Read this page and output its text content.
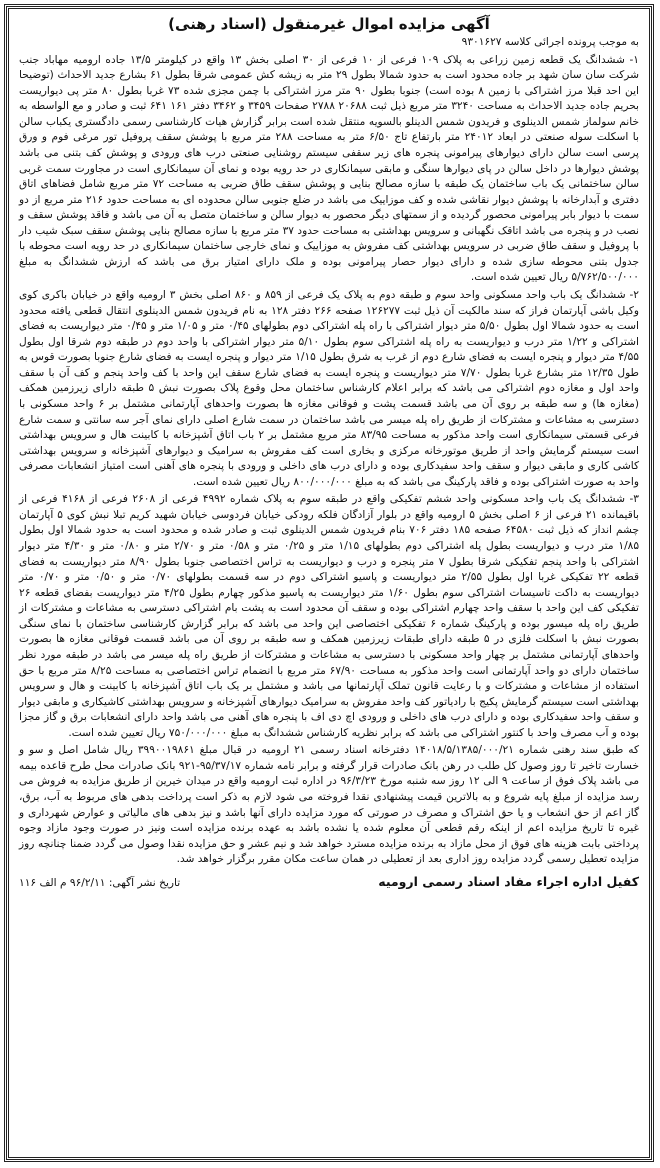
آگهی مزایده اموال غیرمنقول (اسناد رهنی)

به موجب پرونده اجرائی کلاسه ۹۳۰۱۶۲۷

۱- ششدانگ یک قطعه زمین زراعی به پلاک ۱۰۹ فرعی از ۱۰ فرعی از ۳۰ اصلی بخش ۱۳ واقع در کیلومتر ۱۳/۵ جاده ارومیه مهاباد جنب شرکت سان سان شهد بر جاده محدود است به حدود شمالا بطول ۲۹ متر به زیشه کش عمومی شرقا بطول ۶۱ بشارع جدید الاحداث (توضیحا این احد قبلا مرز اشتراکی با زمین ۸ بوده است) جنوبا بطول ۹۰ متر مرز اشتراکی با چمن مجزی شده ۷۳ غربا بطول ۸۰ متر پی دیواریست بحریم جاده جدید الاحداث به مساحت ۳۲۴۰ متر مربع ذیل ثبت ۲۰۶۸۸ ۲۷۸۸ صفحات ۳۴۵۹ و ۳۴۶۲ دفتر ۱۶۱ ۶۴۱ ثبت و صادر و مع الواسطه به خانم سولماز شمس الدینلوی و فریدون شمس الدینلو بالسویه منتقل شده است برابر گزارش هیات کارشناسی رسمی دادگستری یکباب سالن با اسکلت سوله صنعتی در ابعاد ۲۴۰۱۲ متر بارتفاع تاج ۶/۵۰ متر به مساحت ۲۸۸ متر مربع با پوشش سقف پروفیل تور مرغی فوم و ورق پرسی است سالن دارای دیوارهای پیرامونی پنجره های زیر سقفی سیستم روشنایی صنعتی درب های ورودی و پوشش کف بتنی می باشد پوشش دیوارها در داخل سالن در پای دیوارها سنگی و مابقی سیمانکاری در حد رویه بوده و نمای آن سیمانکاری است در مجاورت سمت غربی سالن ساختمانی یک باب ساختمان یک طبقه با سازه مصالح بنایی و پوشش سقف طاق ضربی به مساحت ۷۲ متر مربع شامل فضاهای اتاق دفتری و آبدارخانه با پوشش دیوار نقاشی شده و کف موزاییک می باشد در ضلع جنوبی سالن محدوده ای به مساحت حدود ۲۱۶ متر مربع از دو سمت با دیوار بابر پیرامونی محصور گردیده و از سمتهای دیگر محصور به دیوار سالن و ساختمان متصل به آن می باشد و فاقد پوشش سقف و نصب در و پنجره می باشد اتاقک نگهبانی و سرویس بهداشتی به مساحت حدود ۳۷ متر مربع با سازه مصالح بنایی پوشش سقف سبک شیب دار با پروفیل و سقف طاق ضربی در سرویس بهداشتی کف مفروش به موزاییک و نمای خارجی ساختمان سیمانکاری در حد رویه است محوطه با جدول بتنی محوطه سازی شده و دارای دیوار حصار پیرامونی بوده و ملک دارای امتیاز برق می باشد که ارزش ششدانگ به مبلغ ۵/۷۶۲/۵۰۰/۰۰۰ ریال تعیین شده است.

۲- ششدانگ یک باب واحد مسکونی واحد سوم و طبقه دوم به پلاک یک فرعی از ۸۵۹ و ۸۶۰ اصلی بخش ۳ ارومیه واقع در خیابان باکری کوی وکیل باشی آپارتمان فراز که سند مالکیت آن ذیل ثبت ۱۲۶۲۷۷ صفحه ۲۶۶ دفتر ۱۲۸ به نام فریدون شمس الدینلوی انتقال قطعی یافته محدود است به حدود شمالا اول بطول ۵/۵۰ متر دیوار اشتراکی با راه پله اشتراکی دوم بطولهای ۰/۴۵ متر و ۱/۰۵ متر و ۰/۴۵ متر دیواریست به فضای اشتراکی و ۱/۲۲ متر درب و دیواریست به راه پله اشتراکی سوم بطول ۵/۱۰ متر دیوار اشتراکی با واحد دوم در طبقه دوم شرقا اول بطول ۴/۵۵ متر دیوار و پنجره ایست به فضای شارع دوم از غرب به شرق بطول ۱/۱۵ متر دیوار و پنجره ایست به فضای شارع جنوبا بصورت قوس به طول ۱۲/۳۵ متر بشارع غربا بطول ۷/۷۰ متر دیواریست و پنجره ایست به فضای شارع سقف این واحد با کف واحد پنجم و کف آن با سقف واحد اول و مغازه دوم اشتراکی می باشد که برابر اعلام کارشناس ساختمان محل وقوع پلاک بصورت نبش ۵ طبقه دارای زیرزمین همکف (مغازه ها) و سه طبقه بر روی آن می باشد قسمت پشت و فوقانی مغازه ها بصورت واحدهای آپارتمانی مشتمل بر ۶ واحد مسکونی با دسترسی به مشاعات و مشترکات از طریق راه پله میسر می باشد ساختمان در سمت شارع اصلی دارای نمای آجر سه سانتی و سمت شارع فرعی قسمتی سیمانکاری است واحد مذکور به مساحت ۸۳/۹۵ متر مربع مشتمل بر ۲ باب اتاق آشپزخانه با کابینت هال و سرویس بهداشتی است سیستم گرمایش واحد از طریق موتورخانه مرکزی و بخاری است کف مفروش به سرامیک و دیوارهای آشپزخانه و سرویس بهداشتی کاشی کاری و مابقی دیوار و سقف واحد سفیدکاری بوده و دارای درب های داخلی و ورودی با پنجره های آهنی است امتیاز انشعابات مصرفی واحد به صورت اشتراکی بوده و فاقد پارکینگ می باشد که به مبلغ ۸۰۰/۰۰۰/۰۰۰ ریال تعیین شده است.

۳- ششدانگ یک باب واحد مسکونی واحد ششم تفکیکی واقع در طبقه سوم به پلاک شماره ۴۹۹۲ فرعی از ۲۶۰۸ فرعی از ۴۱۶۸ فرعی از باقیمانده ۲۱ فرعی از ۶ اصلی بخش ۵ ارومیه واقع در بلوار آزادگان فلکه رودکی خیابان فردوسی خیابان شهید کریم تبلا نبش کوی ۵ آپارتمان چشم انداز که ذیل ثبت ۶۴۵۸۰ صفحه ۱۸۵ دفتر ۷۰۶ بنام فریدون شمس الدینلوی ثبت و صادر شده و محدود است به حدود شمالا اول بطول ۱/۸۵ متر درب و دیواریست بطول پله اشتراکی دوم بطولهای ۱/۱۵ متر و ۰/۲۵ متر و ۰/۵۸ متر و ۲/۷۰ متر و ۰/۸۰ متر و ۴/۳۰ متر دیوار اشتراکی با واحد پنجم تفکیکی شرقا بطول ۷ متر پنجره و درب و دیواریست به تراس اختصاصی جنوبا بطول ۸/۹۰ متر دیواریست به فضای قطعه ۲۲ تفکیکی غربا اول بطول ۲/۵۵ متر دیواریست و پاسیو اشتراکی دوم در سه قسمت بطولهای ۰/۷۰ متر و ۰/۵۰ متر و ۰/۷۰ متر دیواریست به داکت تاسیسات اشتراکی سوم بطول ۱/۶۰ متر دیواریست به پاسیو مذکور چهارم بطول ۴/۲۵ متر دیواریست بفضای قطعه ۲۶ تفکیکی کف این واحد با سقف واحد چهارم اشتراکی بوده و سقف آن محدود است به پشت بام اشتراکی دسترسی به مشاعات و مشترکات از طریق راه پله میسور بوده و پارکینگ شماره ۶ تفکیکی اختصاصی این واحد می باشد که برابر گزارش کارشناسی ساختمان با نمای سنگی بصورت نبش با اسکلت فلزی در ۵ طبقه دارای طبقات زیرزمین همکف و سه طبقه بر روی آن می باشد قسمت فوقانی مغازه ها بصورت واحدهای آپارتمانی مشتمل بر چهار واحد مسکونی با دسترسی به مشاعات و مشترکات از طریق راه پله میسر می باشد در طبقه مورد نظر ساختمان دارای دو واحد آپارتمانی است واحد مذکور به مساحت ۶۷/۹۰ متر مربع با انضمام تراس اختصاصی به مساحت ۸/۲۵ متر مربع با حق استفاده از مشاعات و مشترکات و با رعایت قانون تملک آپارتمانها می باشد و مشتمل بر یک باب اتاق آشپزخانه با کابینت و هال و سرویس بهداشتی است سیستم گرمایش پکیج با رادیاتور کف واحد مفروش به سرامیک دیوارهای آشپزخانه و سرویس بهداشتی کاشیکاری و مابقی دیوار و سقف واحد سفیدکاری بوده و دارای درب های داخلی و ورودی اچ دی اف با پنجره های آهنی می باشد واحد دارای انشعابات برق و گاز مجزا بوده و آب مصرف واحد با کنتور اشتراکی می باشد که برابر نظریه کارشناس ششدانگ به مبلغ ۷۵۰/۰۰۰/۰۰۰ ریال تعیین شده است.

که طبق سند رهنی شماره ۱۴۰۱۸/۵/۱۳۸۵/۰۰۰/۲۱ دفترخانه اسناد رسمی ۲۱ ارومیه در قبال مبلغ ۳۹۹۰۰۱۹۸۶۱ ریال شامل اصل و سو و خسارت تاخیر تا روز وصول کل طلب در رهن بانک صادرات قرار گرفته و برابر نامه شماره ۹۵/۳۷/۱۷-۹۲۱ بانک صادرات محل طرح قاعده بیمه می باشد پلاک فوق از ساعت ۹ الی ۱۲ روز سه شنبه مورخ ۹۶/۳/۲۳ در اداره ثبت ارومیه واقع در میدان خیرین از طریق مزایده به فروش می رسد مزایده از مبلغ پایه شروع و به بالاترین قیمت پیشنهادی نقدا فروخته می شود لازم به ذکر است پرداخت بدهی های مربوط به آب، برق، گاز اعم از حق انشعاب و یا حق اشتراک و مصرف در صورتی که مورد مزایده دارای آنها باشد و نیز بدهی های مالیاتی و عوارض شهرداری و غیره تا تاریخ مزایده اعم از اینکه رقم قطعی آن معلوم شده یا نشده باشد به عهده برنده مزایده است ونیز در صورت وجود مازاد وجوه پرداختی بابت هزینه های فوق از محل مازاد به برنده مزایده مسترد خواهد شد و نیم عشر و حق مزایده نقدا وصول می گردد ضمنا چنانچه روز مزایده تعطیل رسمی گردد مزایده روز اداری بعد از تعطیلی در همان ساعت مکان مقرر برگزار خواهد شد.

کفیل اداره اجراء مفاد اسناد رسمی ارومیه
تاریخ نشر آگهی: ۹۶/۲/۱۱ م الف ۱۱۶
